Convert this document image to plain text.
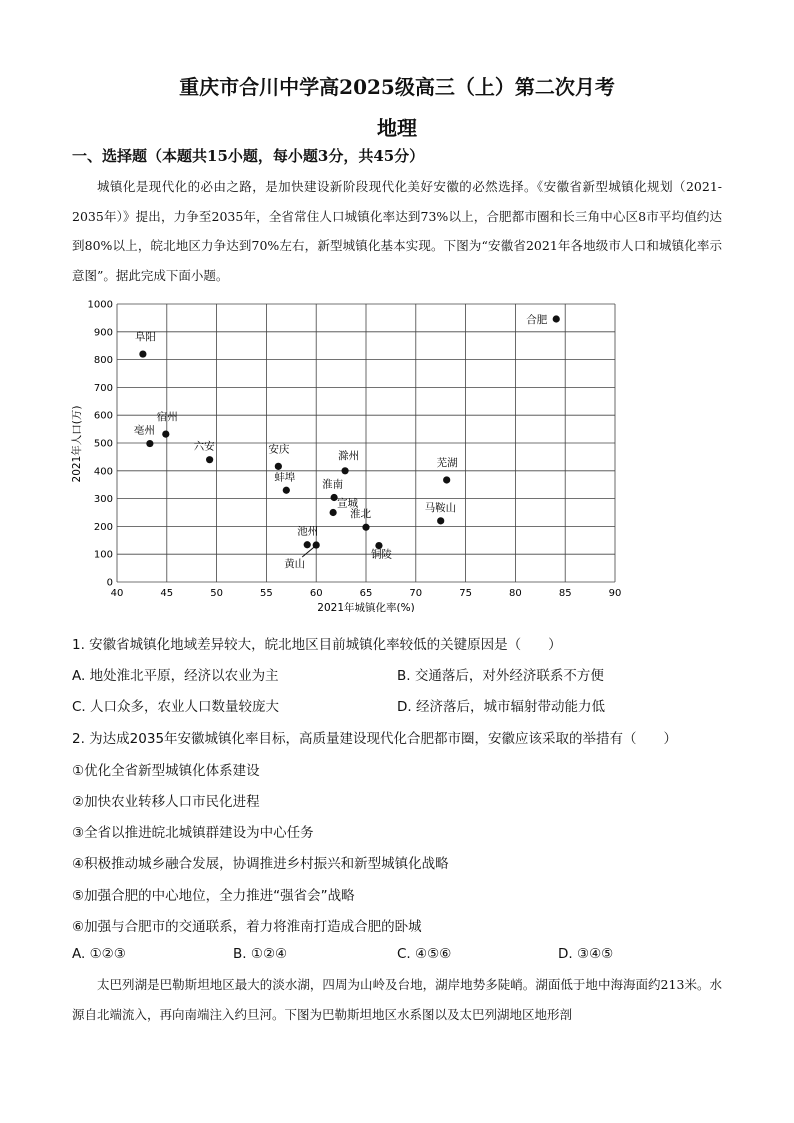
重庆市合川中学高2025级高三（上）第二次月考
地理
一、选择题（本题共15小题，每小题3分，共45分）
城镇化是现代化的必由之路，是加快建设新阶段现代化美好安徽的必然选择。《安徽省新型城镇化规划（2021-2035年）》提出，力争至2035年，全省常住人口城镇化率达到73%以上，合肥都市圈和长三角中心区8市平均值约达到80%以上，皖北地区力争达到70%左右，新型城镇化基本实现。下图为“安徽省2021年各地级市人口和城镇化率示意图”。据此完成下面小题。
40	45	50	55	60	65	70	75	80	85	90
0
100
200
300
400
500
600
700
800
900
1000
合肥
阜阳
宿州
亳州
六安	安庆
滁州
芜湖
蚌埠
淮南
宣城	马鞍山
淮北
池州
黄山
铜陵
2021年城镇化率(%)
2021年人口(万)
1. 安徽省城镇化地域差异较大，皖北地区目前城镇化率较低的关键原因是（　　）
A. 地处淮北平原，经济以农业为主	B. 交通落后，对外经济联系不方便
C. 人口众多，农业人口数量较庞大	D. 经济落后，城市辐射带动能力低
2. 为达成2035年安徽城镇化率目标，高质量建设现代化合肥都市圈，安徽应该采取的举措有（　　）
①优化全省新型城镇化体系建设
②加快农业转移人口市民化进程
③全省以推进皖北城镇群建设为中心任务
④积极推动城乡融合发展，协调推进乡村振兴和新型城镇化战略
⑤加强合肥的中心地位，全力推进“强省会”战略
⑥加强与合肥市的交通联系，着力将淮南打造成合肥的卧城
A. ①②③	B. ①②④	C. ④⑤⑥	D. ③④⑤
太巴列湖是巴勒斯坦地区最大的淡水湖，四周为山岭及台地，湖岸地势多陡峭。湖面低于地中海海面约213米。水源自北端流入，再向南端注入约旦河。下图为巴勒斯坦地区水系图以及太巴列湖地区地形剖
